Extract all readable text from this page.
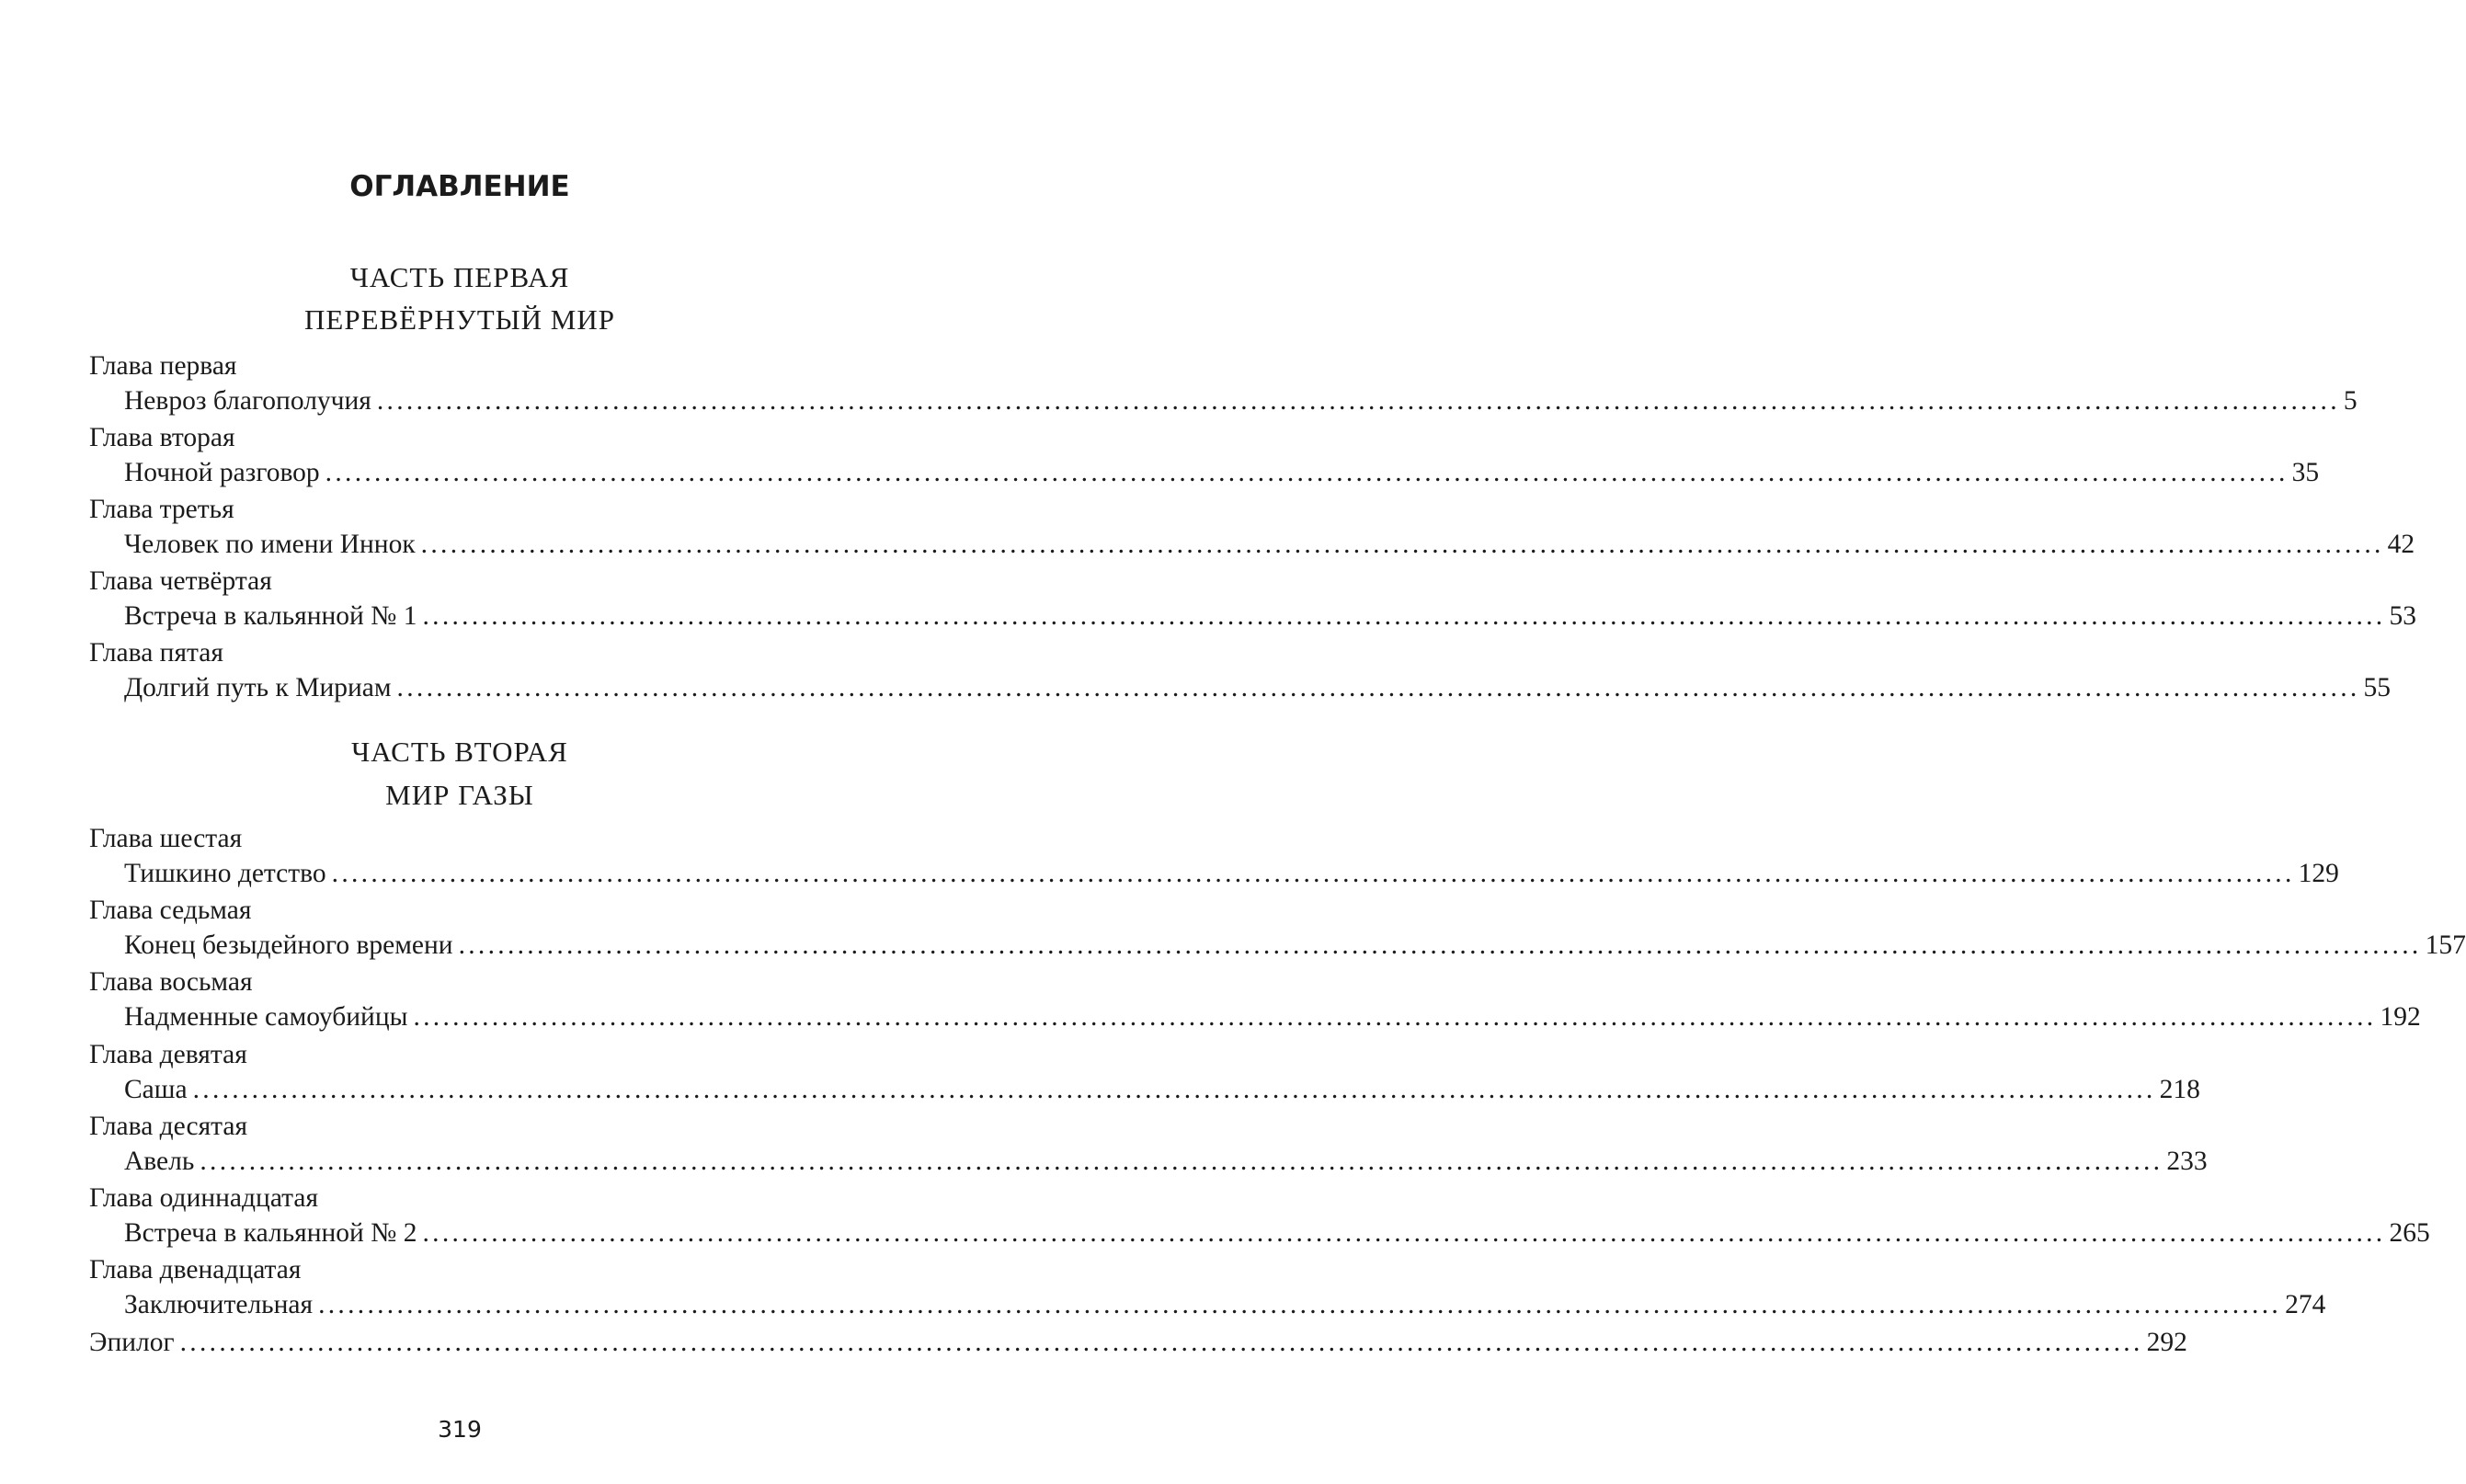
ОГЛАВЛЕНИЕ
ЧАСТЬ ПЕРВАЯ
ПЕРЕВЁРНУТЫЙ МИР
Глава первая
Невроз благополучия ........................................................................................................................................................................................................ 5
Глава вторая
Ночной разговор ........................................................................................................................................................................................................ 35
Глава третья
Человек по имени Иннок ........................................................................................................................................................................................................ 42
Глава четвёртая
Встреча в кальянной № 1 ........................................................................................................................................................................................................ 53
Глава пятая
Долгий путь к Мириам ........................................................................................................................................................................................................ 55
ЧАСТЬ ВТОРАЯ
МИР ГАЗЫ
Глава шестая
Тишкино детство ........................................................................................................................................................................................................ 129
Глава седьмая
Конец безыдейного времени ........................................................................................................................................................................................................ 157
Глава восьмая
Надменные самоубийцы ........................................................................................................................................................................................................ 192
Глава девятая
Саша ........................................................................................................................................................................................................ 218
Глава десятая
Авель ........................................................................................................................................................................................................ 233
Глава одиннадцатая
Встреча в кальянной № 2 ........................................................................................................................................................................................................ 265
Глава двенадцатая
Заключительная ........................................................................................................................................................................................................ 274
Эпилог ........................................................................................................................................................................................................ 292
319
